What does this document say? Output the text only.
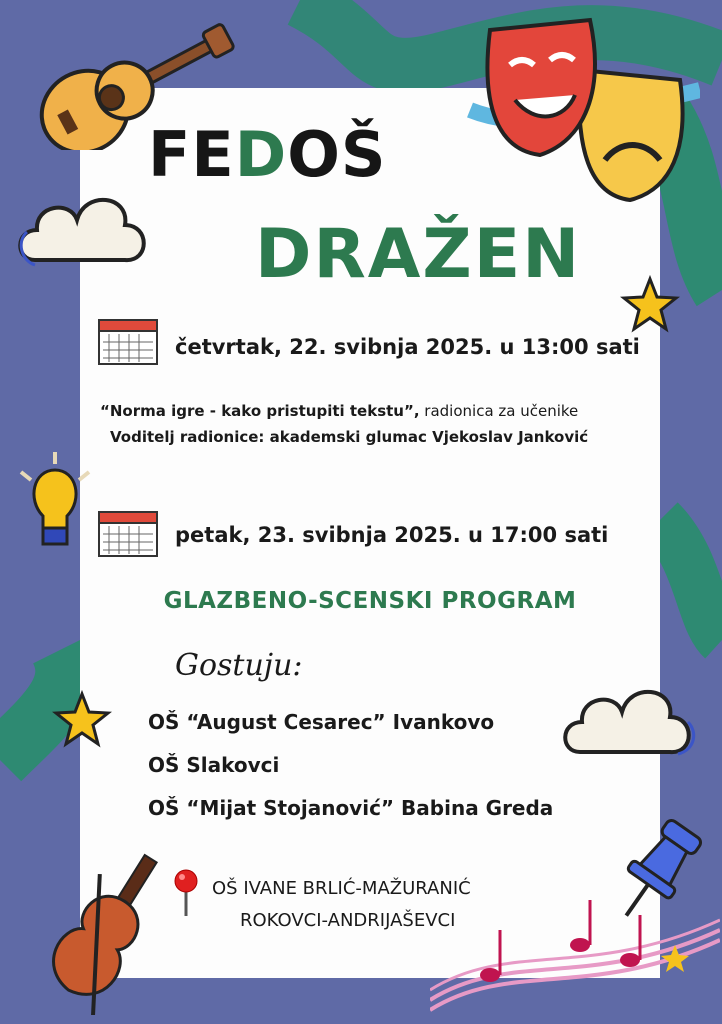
FEDOŠ
DRAŽEN
četvrtak, 22. svibnja 2025. u 13:00 sati
“Norma igre - kako pristupiti tekstu”, radionica za učenike
Voditelj radionice: akademski glumac Vjekoslav Janković
petak, 23. svibnja 2025. u 17:00 sati
GLAZBENO-SCENSKI PROGRAM
Gostuju:
OŠ “August Cesarec” Ivankovo
OŠ Slakovci
OŠ “Mijat Stojanović” Babina Greda
OŠ IVANE BRLIĆ-MAŽURANIĆ
ROKOVCI-ANDRIJAŠEVCI
